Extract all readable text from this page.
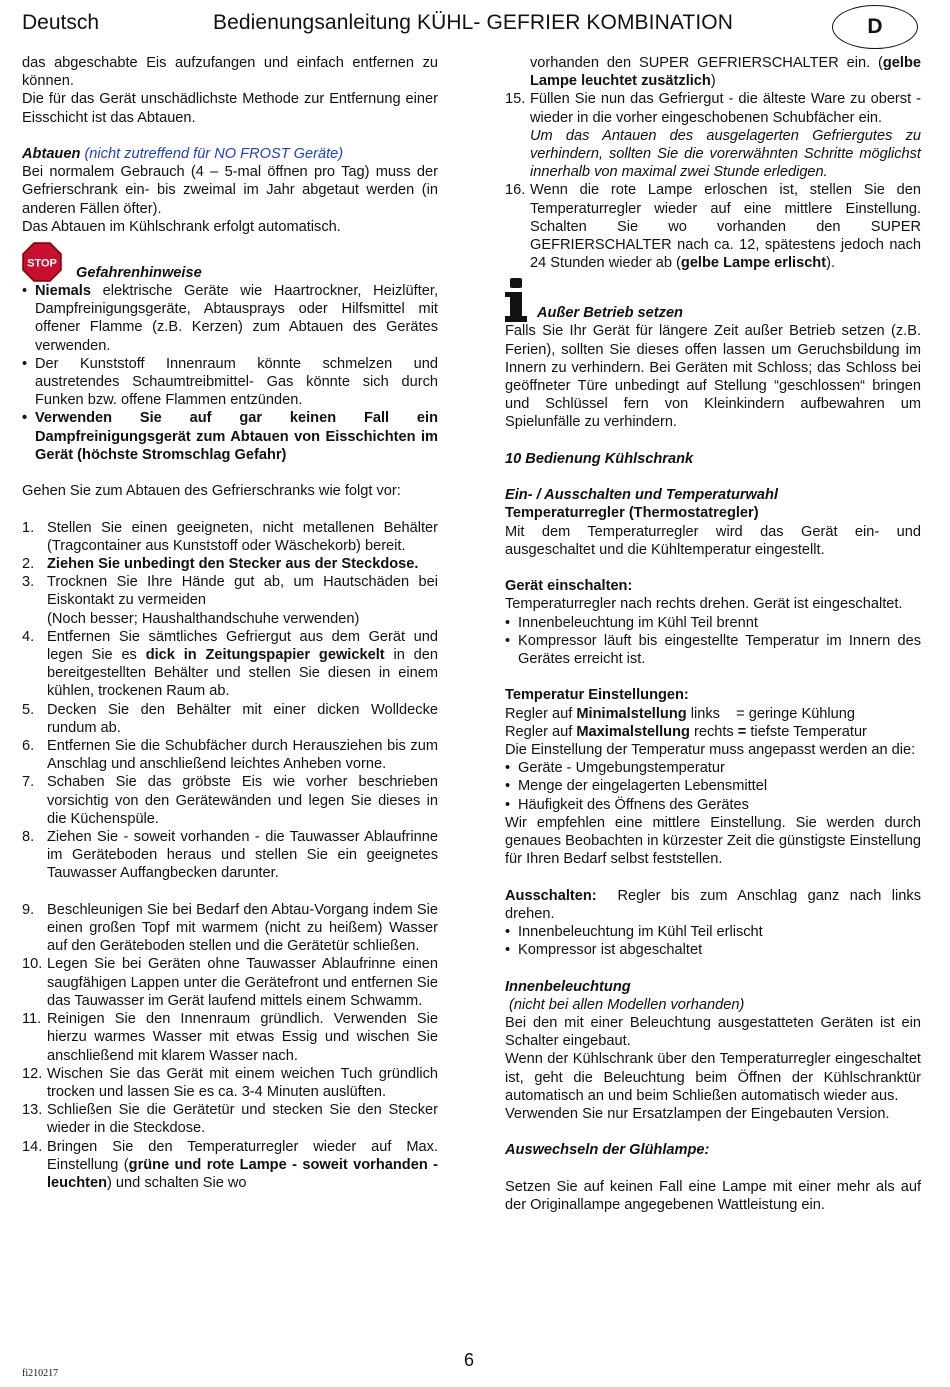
Deutsch	Bedienungsanleitung KÜHL- GEFRIER KOMBINATION	D

das abgeschabte Eis aufzufangen und einfach entfernen zu können.

Die für das Gerät unschädlichste Methode zur Entfernung einer Eisschicht ist das Abtauen.

Abtauen (nicht zutreffend für NO FROST Geräte)

Bei normalem Gebrauch (4 – 5-mal öffnen pro Tag) muss der Gefrierschrank ein- bis zweimal im Jahr abgetaut werden (in anderen Fällen öfter).

Das Abtauen im Kühlschrank erfolgt automatisch.

STOP
Gefahrenhinweise
• Niemals elektrische Geräte wie Haartrockner, Heizlüfter, Dampfreinigungsgeräte, Abtausprays oder Hilfsmittel mit offener Flamme (z.B. Kerzen) zum Abtauen des Gerätes verwenden.
• Der Kunststoff Innenraum könnte schmelzen und austretendes Schaumtreibmittel- Gas könnte sich durch Funken bzw. offene Flammen entzünden.
• Verwenden Sie auf gar keinen Fall ein Dampfreinigungsgerät zum Abtauen von Eisschichten im Gerät (höchste Stromschlag Gefahr)

Gehen Sie zum Abtauen des Gefrierschranks wie folgt vor:

1. Stellen Sie einen geeigneten, nicht metallenen Behälter (Tragcontainer aus Kunststoff oder Wäschekorb) bereit.
2. Ziehen Sie unbedingt den Stecker aus der Steckdose.
3. Trocknen Sie Ihre Hände gut ab, um Hautschäden bei Eiskontakt zu vermeiden
(Noch besser; Haushalthandschuhe verwenden)
4. Entfernen Sie sämtliches Gefriergut aus dem Gerät und legen Sie es dick in Zeitungspapier gewickelt in den bereitgestellten Behälter und stellen Sie diesen in einem kühlen, trockenen Raum ab.
5. Decken Sie den Behälter mit einer dicken Wolldecke rundum ab.
6. Entfernen Sie die Schubfächer durch Herausziehen bis zum Anschlag und anschließend leichtes Anheben vorne.
7. Schaben Sie das gröbste Eis wie vorher beschrieben vorsichtig von den Gerätewänden und legen Sie dieses in die Küchenspüle.
8. Ziehen Sie - soweit vorhanden - die Tauwasser Ablaufrinne im Geräteboden heraus und stellen Sie ein geeignetes Tauwasser Auffangbecken darunter.
9. Beschleunigen Sie bei Bedarf den Abtau-Vorgang indem Sie einen großen Topf mit warmem (nicht zu heißem) Wasser auf den Geräteboden stellen und die Gerätetür schließen.
10. Legen Sie bei Geräten ohne Tauwasser Ablaufrinne einen saugfähigen Lappen unter die Gerätefront und entfernen Sie das Tauwasser im Gerät laufend mittels einem Schwamm.
11. Reinigen Sie den Innenraum gründlich. Verwenden Sie hierzu warmes Wasser mit etwas Essig und wischen Sie anschließend mit klarem Wasser nach.
12. Wischen Sie das Gerät mit einem weichen Tuch gründlich trocken und lassen Sie es ca. 3-4 Minuten auslüften.
13. Schließen Sie die Gerätetür und stecken Sie den Stecker wieder in die Steckdose.
14. Bringen Sie den Temperaturregler wieder auf Max. Einstellung (grüne und rote Lampe - soweit vorhanden - leuchten) und schalten Sie wo

vorhanden den SUPER GEFRIERSCHALTER ein. (gelbe Lampe leuchtet zusätzlich)

15. Füllen Sie nun das Gefriergut - die älteste Ware zu oberst - wieder in die vorher eingeschobenen Schubfächer ein.

Um das Antauen des ausgelagerten Gefriergutes zu verhindern, sollten Sie die vorerwähnten Schritte möglichst innerhalb von maximal zwei Stunde erledigen.

16. Wenn die rote Lampe erloschen ist, stellen Sie den Temperaturregler wieder auf eine mittlere Einstellung. Schalten Sie wo vorhanden den SUPER GEFRIERSCHALTER nach ca. 12, spätestens jedoch nach 24 Stunden wieder ab (gelbe Lampe erlischt).
Außer Betrieb setzen

Falls Sie Ihr Gerät für längere Zeit außer Betrieb setzen (z.B. Ferien), sollten Sie dieses offen lassen um Geruchsbildung im Innern zu verhindern. Bei Geräten mit Schloss; das Schloss bei geöffneter Türe unbedingt auf Stellung “geschlossen“ bringen und Schlüssel fern von Kleinkindern aufbewahren um Spielunfälle zu verhindern.

10 Bedienung Kühlschrank

Ein- / Ausschalten und Temperaturwahl

Temperaturregler (Thermostatregler)

Mit dem Temperaturregler wird das Gerät ein- und ausgeschaltet und die Kühltemperatur eingestellt.

Gerät einschalten:

Temperaturregler nach rechts drehen. Gerät ist eingeschaltet.

• Innenbeleuchtung im Kühl Teil brennt
• Kompressor läuft bis eingestellte Temperatur im Innern des Gerätes erreicht ist.

Temperatur Einstellungen:

Regler auf Minimalstellung links    = geringe Kühlung

Regler auf Maximalstellung rechts = tiefste Temperatur

Die Einstellung der Temperatur muss angepasst werden an die:

• Geräte - Umgebungstemperatur
• Menge der eingelagerten Lebensmittel
• Häufigkeit des Öffnens des Gerätes

Wir empfehlen eine mittlere Einstellung. Sie werden durch genaues Beobachten in kürzester Zeit die günstigste Einstellung für Ihren Bedarf selbst feststellen.

Ausschalten:  Regler bis zum Anschlag ganz nach links drehen.

• Innenbeleuchtung im Kühl Teil erlischt
• Kompressor ist abgeschaltet

Innenbeleuchtung

(nicht bei allen Modellen vorhanden)

Bei den mit einer Beleuchtung ausgestatteten Geräten ist ein Schalter eingebaut.

Wenn der Kühlschrank über den Temperaturregler eingeschaltet ist, geht die Beleuchtung beim Öffnen der Kühlschranktür automatisch an und beim Schließen automatisch wieder aus.

Verwenden Sie nur Ersatzlampen der Eingebauten Version.

Auswechseln der Glühlampe:

Setzen Sie auf keinen Fall eine Lampe mit einer mehr als auf der Originallampe angegebenen Wattleistung ein.

6
fi210217
